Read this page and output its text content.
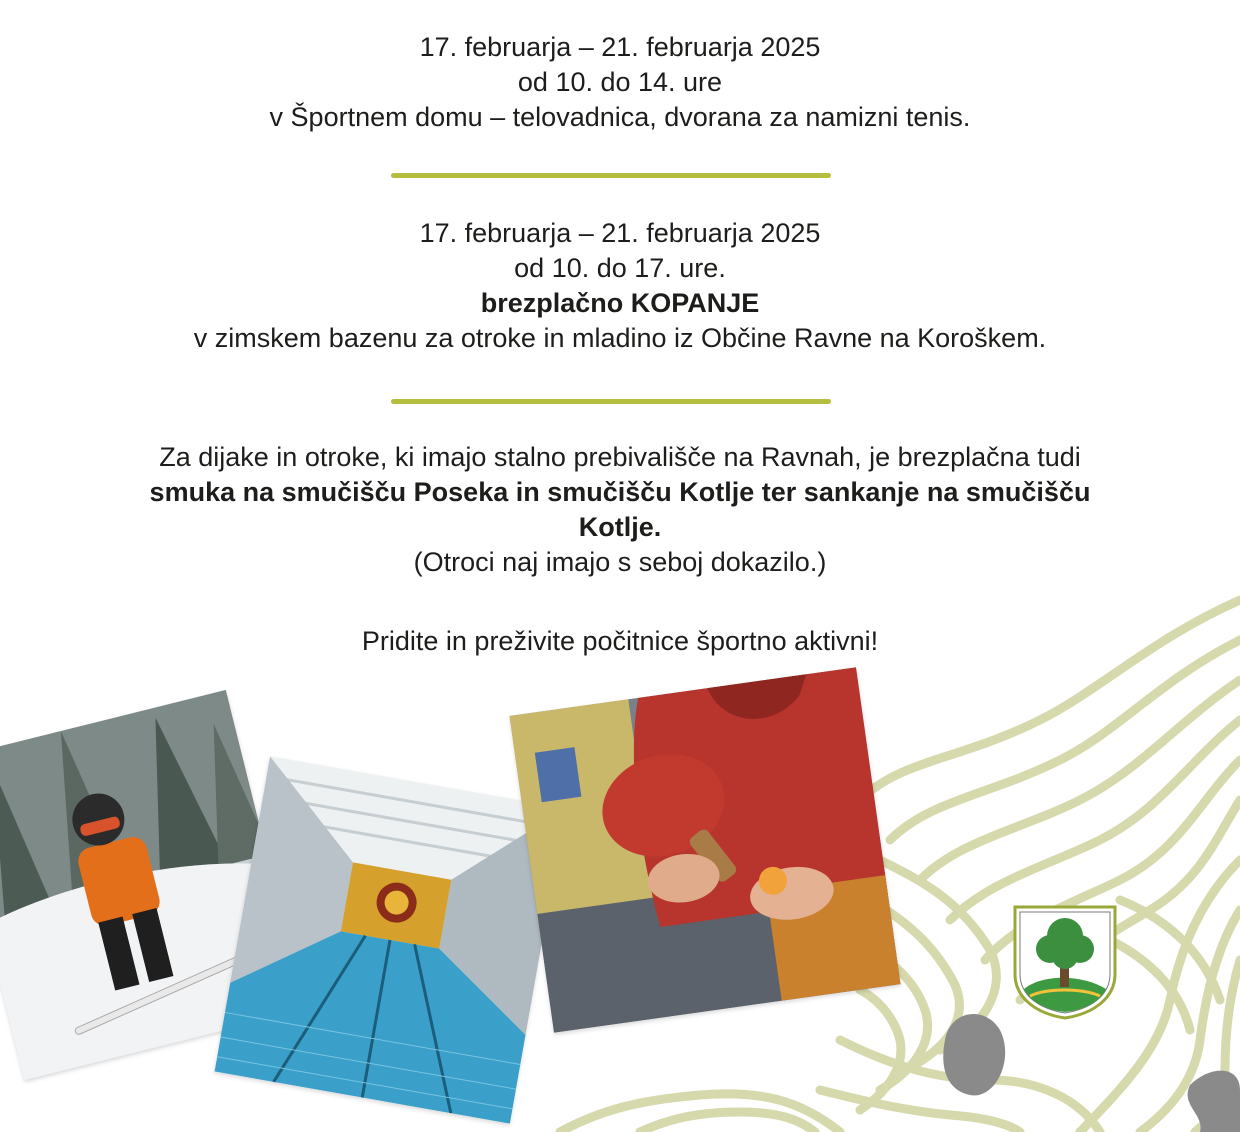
17. februarja – 21. februarja 2025
od 10. do 14. ure
v Športnem domu – telovadnica, dvorana za namizni tenis.
17. februarja – 21. februarja 2025
od 10. do 17. ure.
brezplačno KOPANJE
v zimskem bazenu za otroke in mladino iz Občine Ravne na Koroškem.
Za dijake in otroke, ki imajo stalno prebivališče na Ravnah, je brezplačna tudi
smuka na smučišču Poseka in smučišču Kotlje ter sankanje na smučišču
Kotlje.
(Otroci naj imajo s seboj dokazilo.)
Pridite in preživite počitnice športno aktivni!
